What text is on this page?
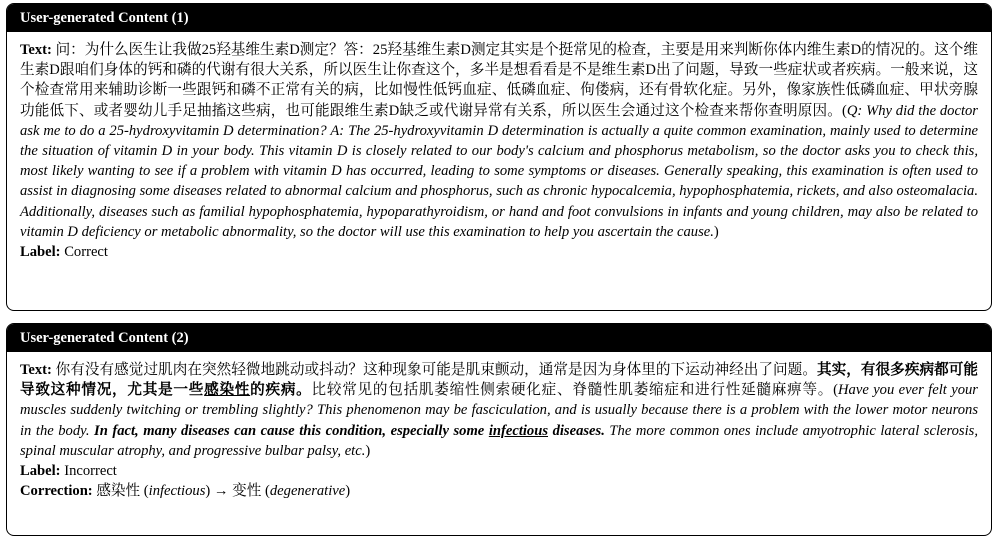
User-generated Content (1)
Text: 问：为什么医生让我做25羟基维生素D测定？答：25羟基维生素D测定其实是个挺常见的检查，主要是用来判断你体内维生素D的情况的。这个维生素D跟咱们身体的钙和磷的代谢有很大关系，所以医生让你查这个，多半是想看看是不是维生素D出了问题，导致一些症状或者疾病。一般来说，这个检查常用来辅助诊断一些跟钙和磷不正常有关的病，比如慢性低钙血症、低磷血症、佝偻病，还有骨软化症。另外，像家族性低磷血症、甲状旁腺功能低下、或者婴幼儿手足抽搐这些病，也可能跟维生素D缺乏或代谢异常有关系，所以医生会通过这个检查来帮你查明原因。(Q: Why did the doctor ask me to do a 25-hydroxyvitamin D determination? A: The 25-hydroxyvitamin D determination is actually a quite common examination, mainly used to determine the situation of vitamin D in your body. This vitamin D is closely related to our body's calcium and phosphorus metabolism, so the doctor asks you to check this, most likely wanting to see if a problem with vitamin D has occurred, leading to some symptoms or diseases. Generally speaking, this examination is often used to assist in diagnosing some diseases related to abnormal calcium and phosphorus, such as chronic hypocalcemia, hypophosphatemia, rickets, and also osteomalacia. Additionally, diseases such as familial hypophosphatemia, hypoparathyroidism, or hand and foot convulsions in infants and young children, may also be related to vitamin D deficiency or metabolic abnormality, so the doctor will use this examination to help you ascertain the cause.)
Label: Correct
User-generated Content (2)
Text: 你有没有感觉过肌肉在突然轻微地跳动或抖动？这种现象可能是肌束颤动，通常是因为身体里的下运动神经出了问题。其实，有很多疾病都可能导致这种情况，尤其是一些感染性的疾病。比较常见的包括肌萎缩性侧索硬化症、脊髓性肌萎缩症和进行性延髓麻痹等。(Have you ever felt your muscles suddenly twitching or trembling slightly? This phenomenon may be fasciculation, and is usually because there is a problem with the lower motor neurons in the body. In fact, many diseases can cause this condition, especially some infectious diseases. The more common ones include amyotrophic lateral sclerosis, spinal muscular atrophy, and progressive bulbar palsy, etc.)
Label: Incorrect
Correction: 感染性 (infectious) → 变性 (degenerative)
